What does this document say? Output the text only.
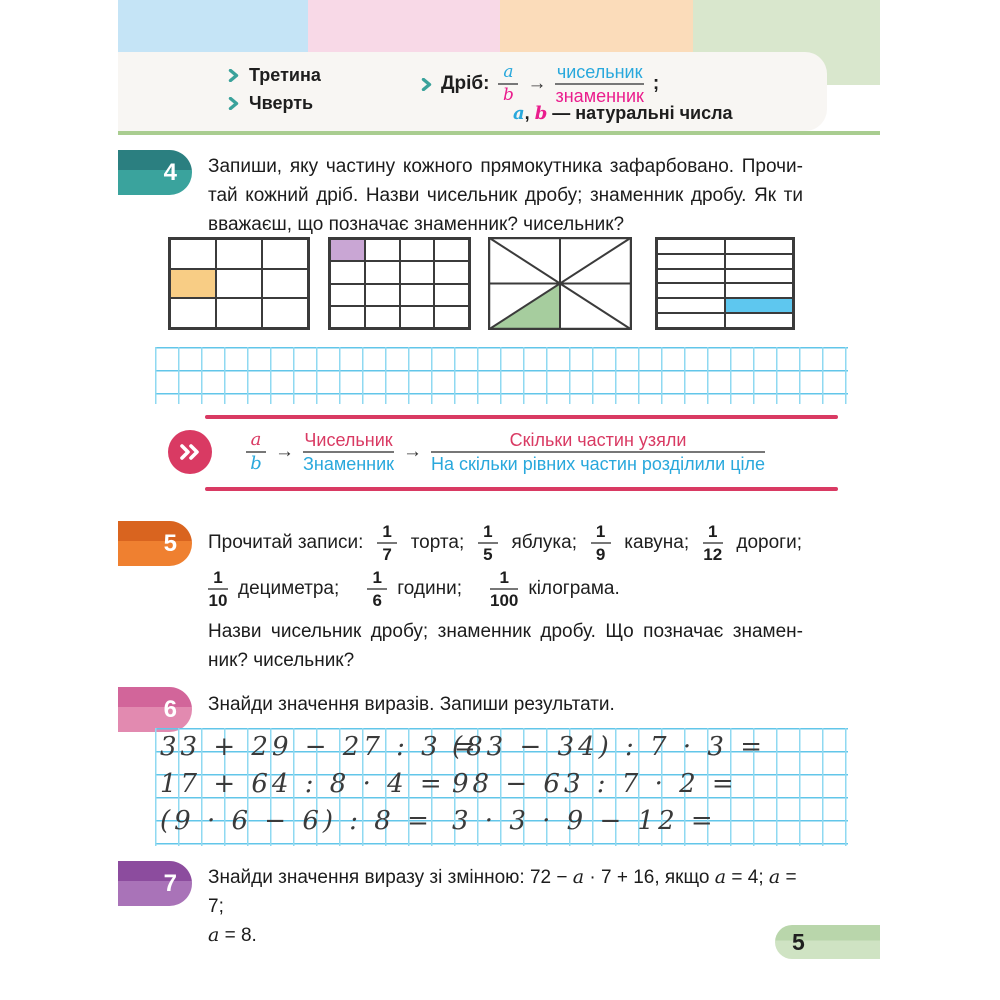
Третина
Чверть
Дріб:
a
b
→
чисельник
знаменник
;
a, b — натуральні числа
4	Запиши, яку частину кожного прямокутника зафарбовано. Прочи-
тай кожний дріб. Назви чисельник дробу; знаменник дробу. Як ти
вважаєш, що позначає знаменник? чисельник?
a
b
→
Чисельник
Знаменник
→
Скільки частин узяли
На скільки рівних частин розділили ціле
5	Прочитай записи: $\frac{1}{7}$ торта; $\frac{1}{5}$ яблука; $\frac{1}{9}$ кавуна; $\frac{1}{12}$ дороги;
$\frac{1}{10}$ дециметра; $\frac{1}{6}$ години; $\frac{1}{100}$ кілограма.
Назви чисельник дробу; знаменник дробу. Що позначає знамен-
ник? чисельник?
6	Знайди значення виразів. Запиши результати.
33 + 29 − 27 : 3 =
17 + 64 : 8 · 4 =
(9 · 6 − 6) : 8 =
(83 − 34) : 7 · 3 =
98 − 63 : 7 · 2 =
3 · 3 · 9 − 12 =
7	Знайди значення виразу зі змінною: 72 − a · 7 + 16, якщо a = 4; a = 7;
a = 8.	5
